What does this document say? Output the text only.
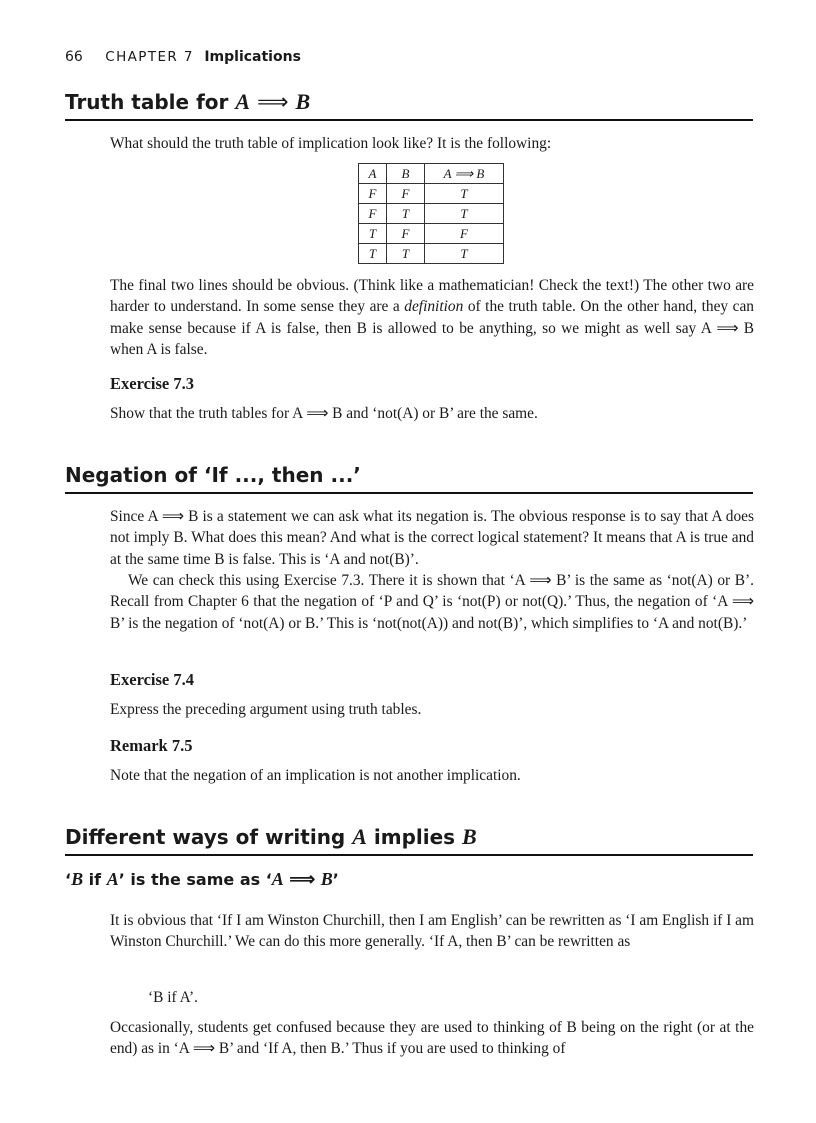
66 CHAPTER 7 Implications
Truth table for A ⟹ B
What should the truth table of implication look like? It is the following:
A	B	A ⟹ B
F	F	T
F	T	T
T	F	F
T	T	T
The final two lines should be obvious. (Think like a mathematician! Check the text!) The other two are harder to understand. In some sense they are a definition of the truth table. On the other hand, they can make sense because if A is false, then B is allowed to be anything, so we might as well say A ⟹ B when A is false.
Exercise 7.3
Show that the truth tables for A ⟹ B and ‘not(A) or B’ are the same.
Negation of ‘If ..., then ...’
Since A ⟹ B is a statement we can ask what its negation is. The obvious response is to say that A does not imply B. What does this mean? And what is the correct logical statement? It means that A is true and at the same time B is false. This is ‘A and not(B)’.
We can check this using Exercise 7.3. There it is shown that ‘A ⟹ B’ is the same as ‘not(A) or B’. Recall from Chapter 6 that the negation of ‘P and Q’ is ‘not(P) or not(Q).’ Thus, the negation of ‘A ⟹ B’ is the negation of ‘not(A) or B.’ This is ‘not(not(A)) and not(B)’, which simplifies to ‘A and not(B).’
Exercise 7.4
Express the preceding argument using truth tables.
Remark 7.5
Note that the negation of an implication is not another implication.
Different ways of writing A implies B
‘B if A’ is the same as ‘A ⟹ B’
It is obvious that ‘If I am Winston Churchill, then I am English’ can be rewritten as ‘I am English if I am Winston Churchill.’ We can do this more generally. ‘If A, then B’ can be rewritten as
‘B if A’.
Occasionally, students get confused because they are used to thinking of B being on the right (or at the end) as in ‘A ⟹ B’ and ‘If A, then B.’ Thus if you are used to thinking of
